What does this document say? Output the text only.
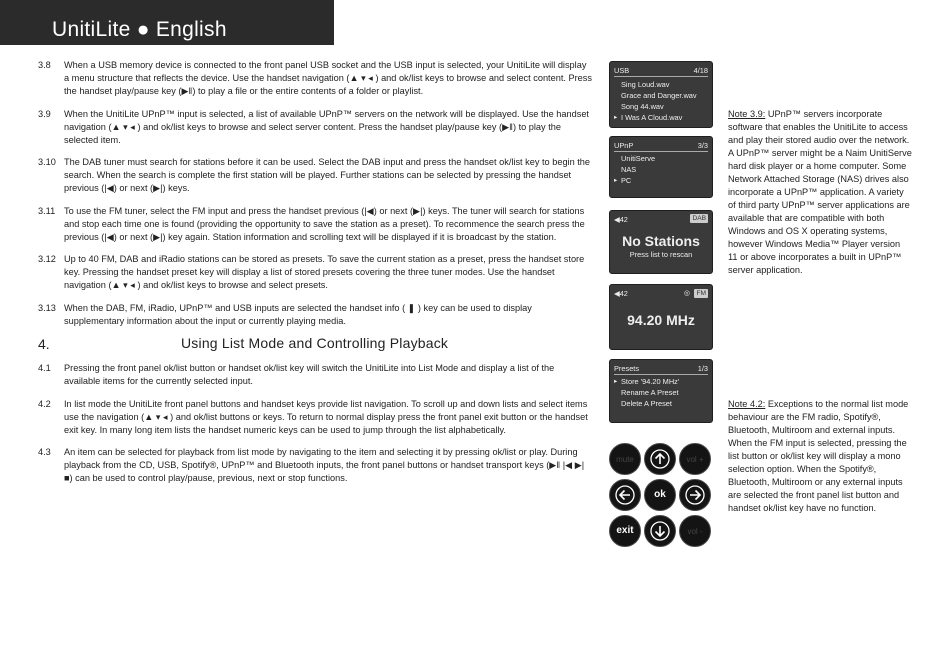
UnitiLite ● English
3.8	When a USB memory device is connected to the front panel USB socket and the USB input is selected, your UnitiLite will display a menu structure that reflects the device. Use the handset navigation (▲ ▾ ◂ ) and ok/list keys to browse and select content. Press the handset play/pause key (▶‖) to play a file or the entire contents of a folder or playlist.
3.9	When the UnitiLite UPnP™ input is selected, a list of available UPnP™ servers on the network will be displayed. Use the handset navigation (▲ ▾ ◂ ) and ok/list keys to browse and select server content. Press the handset play/pause key (▶‖) to play the selected item.
3.10 The DAB tuner must search for stations before it can be used. Select the DAB input and press the handset ok/list key to begin the search. When the search is complete the first station will be played. Further stations can be selected by pressing the handset previous (|◀) or next (▶|) keys.
3.11 To use the FM tuner, select the FM input and press the handset previous (|◀) or next (▶|) keys. The tuner will search for stations and stop each time one is found (providing the opportunity to save the station as a preset). To recommence the search press the previous (|◀) or next (▶|) key again. Station information and scrolling text will be displayed if it is broadcast by the station.
3.12 Up to 40 FM, DAB and iRadio stations can be stored as presets. To save the current station as a preset, press the handset store key. Pressing the handset preset key will display a list of stored presets covering the three tuner modes. Use the handset navigation (▲ ▾ ◂ ) and ok/list keys to browse and select presets.
3.13 When the DAB, FM, iRadio, UPnP™ and USB inputs are selected the handset info ( ❚ ) key can be used to display supplementary information about the input or currently playing media.
4.	Using List Mode and Controlling Playback
4.1	Pressing the front panel ok/list button or handset ok/list key will switch the UnitiLite into List Mode and display a list of the available items for the currently selected input.
4.2	In list mode the UnitiLite front panel buttons and handset keys provide list navigation. To scroll up and down lists and select items use the navigation (▲ ▾ ◂ ) and ok/list buttons or keys. To return to normal display press the front panel exit button or the handset exit key. In many long item lists the handset numeric keys can be used to jump through the list alphabetically.
4.3	An item can be selected for playback from list mode by navigating to the item and selecting it by pressing ok/list or play. During playback from the CD, USB, Spotify®, UPnP™ and Bluetooth inputs, the front panel buttons or handset transport keys (▶‖ |◀ ▶| ■) can be used to control play/pause, previous, next or stop functions.
USB	4/18
Sing Loud.wav
Grace and Danger.wav
Song 44.wav
▸ I Was A Cloud.wav
UPnP	3/3
UnitiServe
NAS
▸ PC
◀42	DAB
No Stations
Press list to rescan
◀42	◎ FM
94.20 MHz
Presets	1/3
▸ Store '94.20 MHz'
Rename A Preset
Delete A Preset
mute	vol +
ok
exit	vol -
Note 3.9: UPnP™ servers incorporate software that enables the UnitiLite to access and play their stored audio over the network. A UPnP™ server might be a Naim UnitiServe hard disk player or a home computer. Some Network Attached Storage (NAS) drives also incorporate a UPnP™ application. A variety of third party UPnP™ server applications are available that are compatible with both Windows and OS X operating systems, however Windows Media™ Player version 11 or above incorporates a built in UPnP™ server application.
Note 4.2: Exceptions to the normal list mode behaviour are the FM radio, Spotify®, Bluetooth, Multiroom and external inputs. When the FM input is selected, pressing the list button or ok/list key will display a mono selection option. When the Spotify®, Bluetooth, Multiroom or any external inputs are selected the front panel list button and handset ok/list key have no function.
